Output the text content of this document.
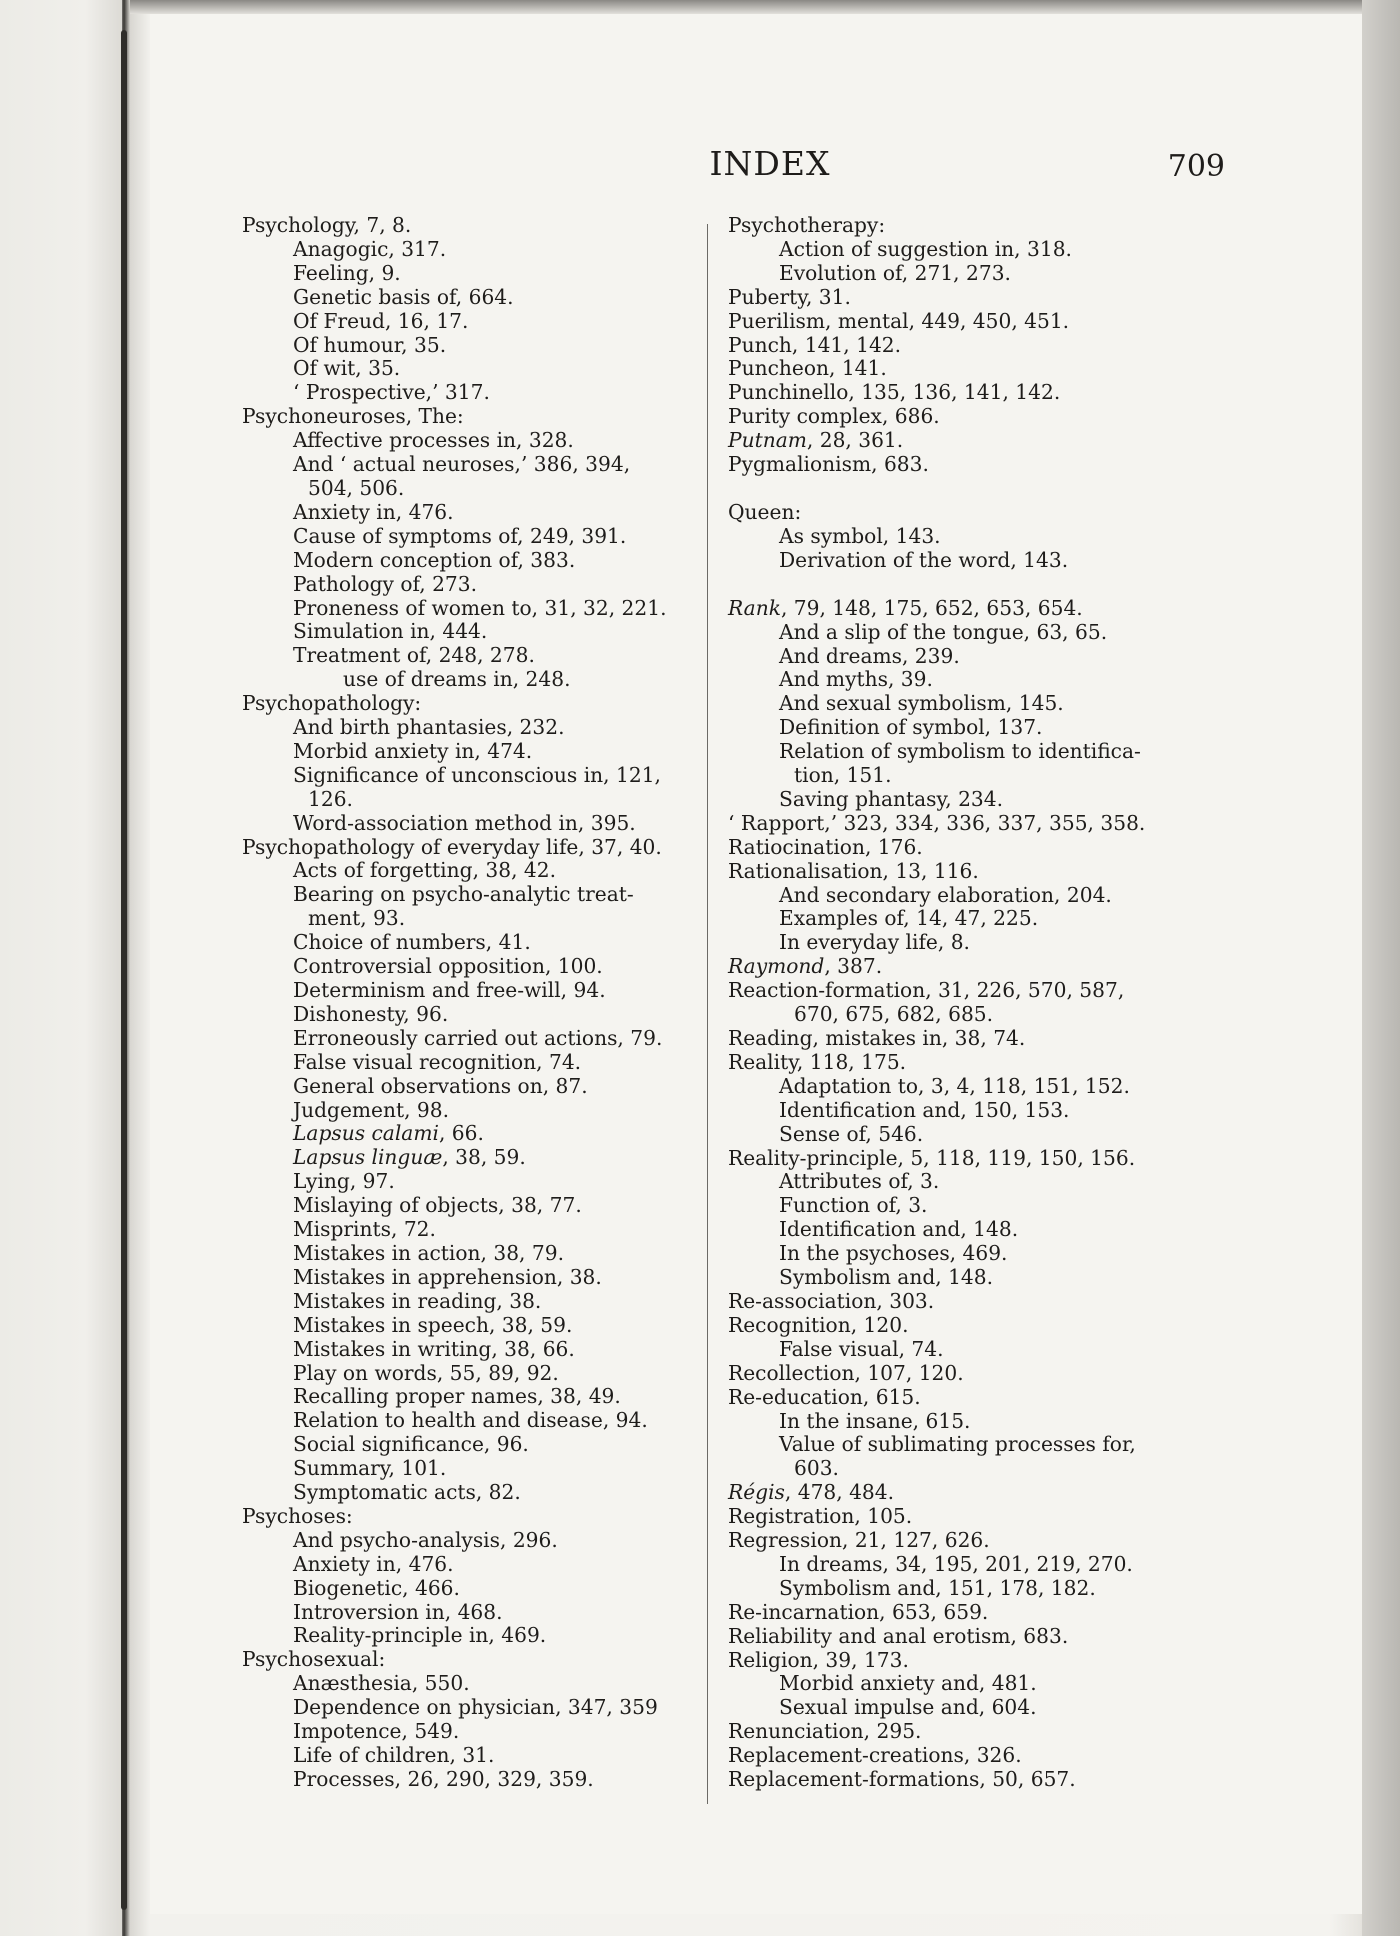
INDEX	709
Psychology, 7, 8.
Anagogic, 317.
Feeling, 9.
Genetic basis of, 664.
Of Freud, 16, 17.
Of humour, 35.
Of wit, 35.
‘ Prospective,’ 317.
Psychoneuroses, The:
Affective processes in, 328.
And ‘ actual neuroses,’ 386, 394,
504, 506.
Anxiety in, 476.
Cause of symptoms of, 249, 391.
Modern conception of, 383.
Pathology of, 273.
Proneness of women to, 31, 32, 221.
Simulation in, 444.
Treatment of, 248, 278.
use of dreams in, 248.
Psychopathology:
And birth phantasies, 232.
Morbid anxiety in, 474.
Significance of unconscious in, 121,
126.
Word-association method in, 395.
Psychopathology of everyday life, 37, 40.
Acts of forgetting, 38, 42.
Bearing on psycho-analytic treat-
ment, 93.
Choice of numbers, 41.
Controversial opposition, 100.
Determinism and free-will, 94.
Dishonesty, 96.
Erroneously carried out actions, 79.
False visual recognition, 74.
General observations on, 87.
Judgement, 98.
Lapsus calami, 66.
Lapsus linguæ, 38, 59.
Lying, 97.
Mislaying of objects, 38, 77.
Misprints, 72.
Mistakes in action, 38, 79.
Mistakes in apprehension, 38.
Mistakes in reading, 38.
Mistakes in speech, 38, 59.
Mistakes in writing, 38, 66.
Play on words, 55, 89, 92.
Recalling proper names, 38, 49.
Relation to health and disease, 94.
Social significance, 96.
Summary, 101.
Symptomatic acts, 82.
Psychoses:
And psycho-analysis, 296.
Anxiety in, 476.
Biogenetic, 466.
Introversion in, 468.
Reality-principle in, 469.
Psychosexual:
Anæsthesia, 550.
Dependence on physician, 347, 359
Impotence, 549.
Life of children, 31.
Processes, 26, 290, 329, 359.
Psychotherapy:
Action of suggestion in, 318.
Evolution of, 271, 273.
Puberty, 31.
Puerilism, mental, 449, 450, 451.
Punch, 141, 142.
Puncheon, 141.
Punchinello, 135, 136, 141, 142.
Purity complex, 686.
Putnam, 28, 361.
Pygmalionism, 683.
Queen:
As symbol, 143.
Derivation of the word, 143.
Rank, 79, 148, 175, 652, 653, 654.
And a slip of the tongue, 63, 65.
And dreams, 239.
And myths, 39.
And sexual symbolism, 145.
Definition of symbol, 137.
Relation of symbolism to identifica-
tion, 151.
Saving phantasy, 234.
‘ Rapport,’ 323, 334, 336, 337, 355, 358.
Ratiocination, 176.
Rationalisation, 13, 116.
And secondary elaboration, 204.
Examples of, 14, 47, 225.
In everyday life, 8.
Raymond, 387.
Reaction-formation, 31, 226, 570, 587,
670, 675, 682, 685.
Reading, mistakes in, 38, 74.
Reality, 118, 175.
Adaptation to, 3, 4, 118, 151, 152.
Identification and, 150, 153.
Sense of, 546.
Reality-principle, 5, 118, 119, 150, 156.
Attributes of, 3.
Function of, 3.
Identification and, 148.
In the psychoses, 469.
Symbolism and, 148.
Re-association, 303.
Recognition, 120.
False visual, 74.
Recollection, 107, 120.
Re-education, 615.
In the insane, 615.
Value of sublimating processes for,
603.
Régis, 478, 484.
Registration, 105.
Regression, 21, 127, 626.
In dreams, 34, 195, 201, 219, 270.
Symbolism and, 151, 178, 182.
Re-incarnation, 653, 659.
Reliability and anal erotism, 683.
Religion, 39, 173.
Morbid anxiety and, 481.
Sexual impulse and, 604.
Renunciation, 295.
Replacement-creations, 326.
Replacement-formations, 50, 657.
